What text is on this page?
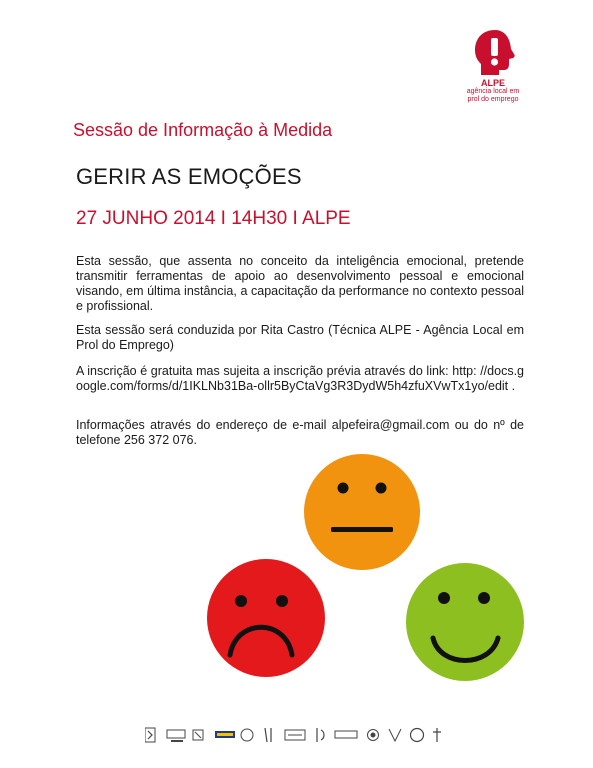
ALPE
agência local em
prol do emprego
Sessão de Informação à Medida
GERIR AS EMOÇÕES
27 JUNHO 2014 I 14H30 I ALPE
Esta sessão, que assenta no conceito da inteligência emocional, pretende transmitir ferramentas de apoio ao desenvolvimento pessoal e emocional visando, em última instância, a capacitação da performance no contexto pessoal e profissional.
Esta sessão será conduzida por Rita Castro (Técnica ALPE - Agência Local em Prol do Emprego)
A inscrição é gratuita mas sujeita a inscrição prévia através do link: http: //docs.google.com/forms/d/1IKLNb31Ba-ollr5ByCtaVg3R3DydW5h4zfuXVwTx1yo/edit .
Informações através do endereço de e-mail alpefeira@gmail.com ou do nº de telefone 256 372 076.
